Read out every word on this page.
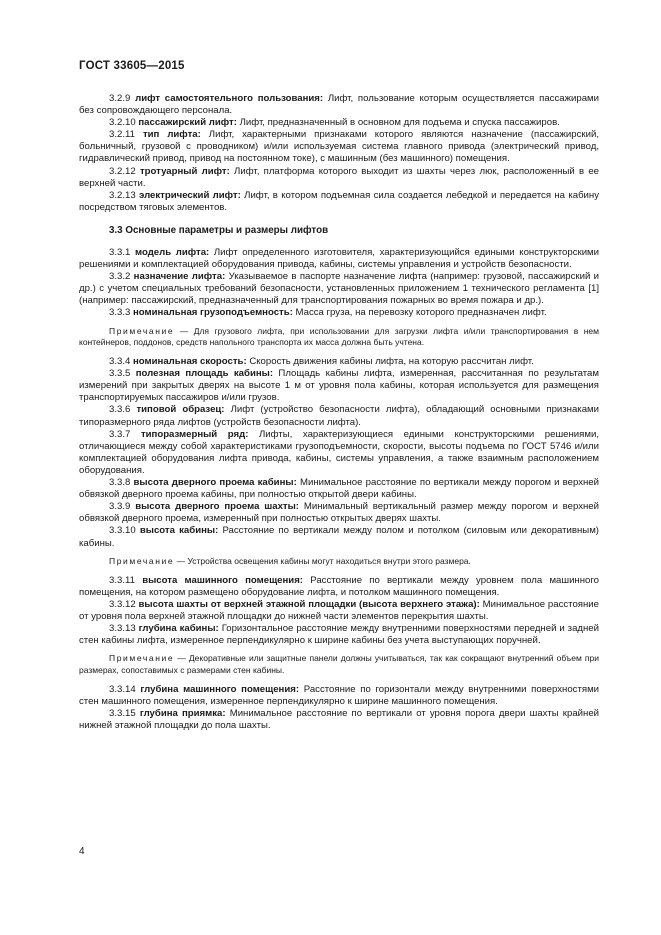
ГОСТ 33605—2015

3.2.9 лифт самостоятельного пользования: Лифт, пользование которым осуществляется пассажирами без сопровождающего персонала.

3.2.10 пассажирский лифт: Лифт, предназначенный в основном для подъема и спуска пассажиров.

3.2.11 тип лифта: Лифт, характерными признаками которого являются назначение (пассажирский, больничный, грузовой с проводником) и/или используемая система главного привода (электрический привод, гидравлический привод, привод на постоянном токе), с машинным (без машинного) помещения.

3.2.12 тротуарный лифт: Лифт, платформа которого выходит из шахты через люк, расположенный в ее верхней части.

3.2.13 электрический лифт: Лифт, в котором подъемная сила создается лебедкой и передается на кабину посредством тяговых элементов.

3.3 Основные параметры и размеры лифтов

3.3.1 модель лифта: Лифт определенного изготовителя, характеризующийся едиными конструкторскими решениями и комплектацией оборудования привода, кабины, системы управления и устройств безопасности.

3.3.2 назначение лифта: Указываемое в паспорте назначение лифта (например: грузовой, пассажирский и др.) с учетом специальных требований безопасности, установленных приложением 1 технического регламента [1] (например: пассажирский, предназначенный для транспортирования пожарных во время пожара и др.).

3.3.3 номинальная грузоподъемность: Масса груза, на перевозку которого предназначен лифт.

Примечание — Для грузового лифта, при использовании для загрузки лифта и/или транспортирования в нем контейнеров, поддонов, средств напольного транспорта их масса должна быть учтена.

3.3.4 номинальная скорость: Скорость движения кабины лифта, на которую рассчитан лифт.

3.3.5 полезная площадь кабины: Площадь кабины лифта, измеренная, рассчитанная по результатам измерений при закрытых дверях на высоте 1 м от уровня пола кабины, которая используется для размещения транспортируемых пассажиров и/или грузов.

3.3.6 типовой образец: Лифт (устройство безопасности лифта), обладающий основными признаками типоразмерного ряда лифтов (устройств безопасности лифта).

3.3.7 типоразмерный ряд: Лифты, характеризующиеся едиными конструкторскими решениями, отличающиеся между собой характеристиками грузоподъемности, скорости, высоты подъема по ГОСТ 5746 и/или комплектацией оборудования лифта привода, кабины, системы управления, а также взаимным расположением оборудования.

3.3.8 высота дверного проема кабины: Минимальное расстояние по вертикали между порогом и верхней обвязкой дверного проема кабины, при полностью открытой двери кабины.

3.3.9 высота дверного проема шахты: Минимальный вертикальный размер между порогом и верхней обвязкой дверного проема, измеренный при полностью открытых дверях шахты.

3.3.10 высота кабины: Расстояние по вертикали между полом и потолком (силовым или декоративным) кабины.

Примечание — Устройства освещения кабины могут находиться внутри этого размера.

3.3.11 высота машинного помещения: Расстояние по вертикали между уровнем пола машинного помещения, на котором размещено оборудование лифта, и потолком машинного помещения.

3.3.12 высота шахты от верхней этажной площадки (высота верхнего этажа): Минимальное расстояние от уровня пола верхней этажной площадки до нижней части элементов перекрытия шахты.

3.3.13 глубина кабины: Горизонтальное расстояние между внутренними поверхностями передней и задней стен кабины лифта, измеренное перпендикулярно к ширине кабины без учета выступающих поручней.

Примечание — Декоративные или защитные панели должны учитываться, так как сокращают внутренний объем при размерах, сопоставимых с размерами стен кабины.

3.3.14 глубина машинного помещения: Расстояние по горизонтали между внутренними поверхностями стен машинного помещения, измеренное перпендикулярно к ширине машинного помещения.

3.3.15 глубина приямка: Минимальное расстояние по вертикали от уровня порога двери шахты крайней нижней этажной площадки до пола шахты.

4
